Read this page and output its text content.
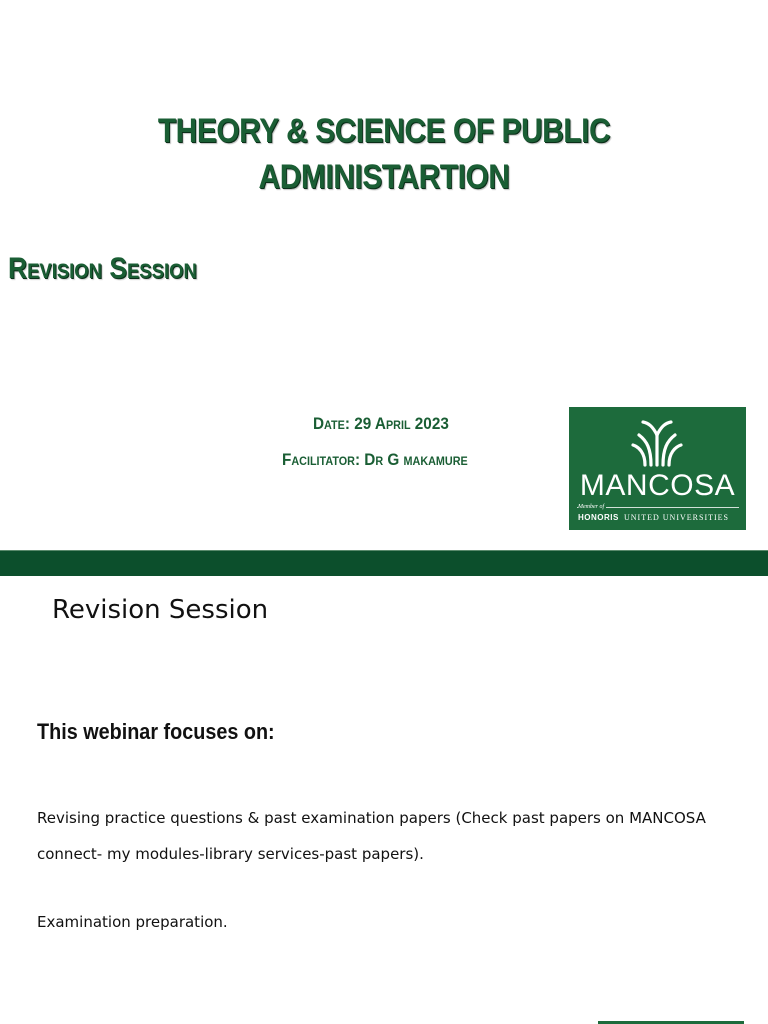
THEORY & SCIENCE OF PUBLIC
ADMINISTARTION
Revision Session
Date: 29 April 2023
Facilitator: Dr G makamure
MANCOSA
Member of
HONORIS UNITED UNIVERSITIES
Revision Session
This webinar focuses on:
Revising practice questions & past examination papers (Check past papers on MANCOSA
connect- my modules-library services-past papers).
Examination preparation.
